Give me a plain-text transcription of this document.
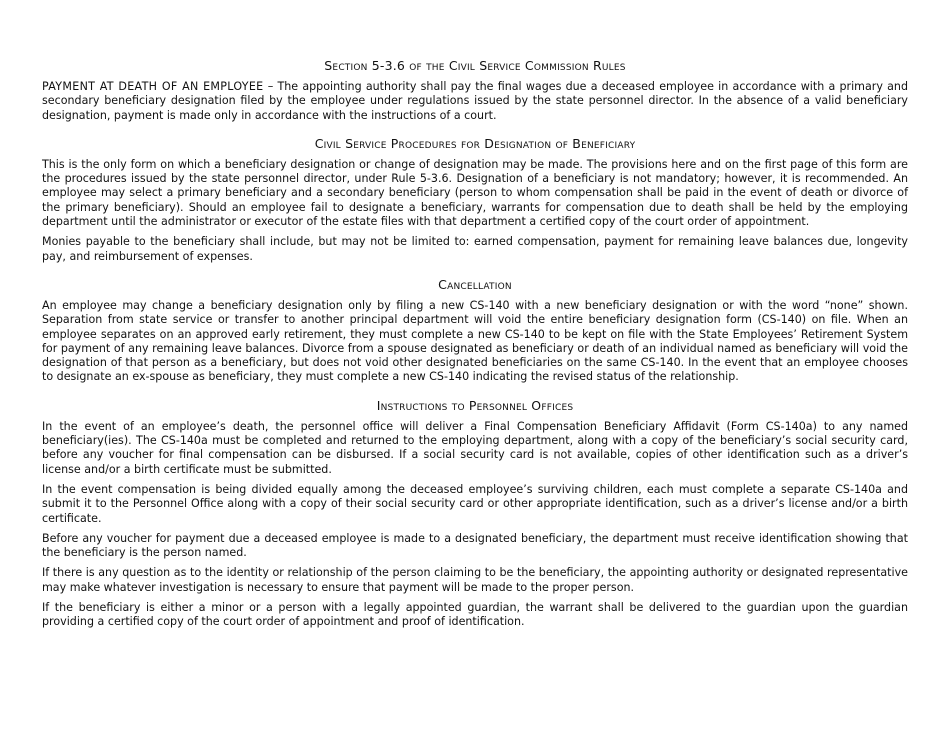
Section 5-3.6 of the Civil Service Commission Rules

PAYMENT AT DEATH OF AN EMPLOYEE – The appointing authority shall pay the final wages due a deceased employee in accordance with a primary and secondary beneficiary designation filed by the employee under regulations issued by the state personnel director. In the absence of a valid beneficiary designation, payment is made only in accordance with the instructions of a court.

Civil Service Procedures for Designation of Beneficiary

This is the only form on which a beneficiary designation or change of designation may be made. The provisions here and on the first page of this form are the procedures issued by the state personnel director, under Rule 5-3.6. Designation of a beneficiary is not mandatory; however, it is recommended. An employee may select a primary beneficiary and a secondary beneficiary (person to whom compensation shall be paid in the event of death or divorce of the primary beneficiary). Should an employee fail to designate a beneficiary, warrants for compensation due to death shall be held by the employing department until the administrator or executor of the estate files with that department a certified copy of the court order of appointment.

Monies payable to the beneficiary shall include, but may not be limited to: earned compensation, payment for remaining leave balances due, longevity pay, and reimbursement of expenses.

Cancellation

An employee may change a beneficiary designation only by filing a new CS-140 with a new beneficiary designation or with the word “none” shown. Separation from state service or transfer to another principal department will void the entire beneficiary designation form (CS-140) on file. When an employee separates on an approved early retirement, they must complete a new CS-140 to be kept on file with the State Employees’ Retirement System for payment of any remaining leave balances. Divorce from a spouse designated as beneficiary or death of an individual named as beneficiary will void the designation of that person as a beneficiary, but does not void other designated beneficiaries on the same CS-140. In the event that an employee chooses to designate an ex-spouse as beneficiary, they must complete a new CS-140 indicating the revised status of the relationship.

Instructions to Personnel Offices

In the event of an employee’s death, the personnel office will deliver a Final Compensation Beneficiary Affidavit (Form CS-140a) to any named beneficiary(ies). The CS-140a must be completed and returned to the employing department, along with a copy of the beneficiary’s social security card, before any voucher for final compensation can be disbursed. If a social security card is not available, copies of other identification such as a driver’s license and/or a birth certificate must be submitted.

In the event compensation is being divided equally among the deceased employee’s surviving children, each must complete a separate CS-140a and submit it to the Personnel Office along with a copy of their social security card or other appropriate identification, such as a driver’s license and/or a birth certificate.

Before any voucher for payment due a deceased employee is made to a designated beneficiary, the department must receive identification showing that the beneficiary is the person named.

If there is any question as to the identity or relationship of the person claiming to be the beneficiary, the appointing authority or designated representative may make whatever investigation is necessary to ensure that payment will be made to the proper person.

If the beneficiary is either a minor or a person with a legally appointed guardian, the warrant shall be delivered to the guardian upon the guardian providing a certified copy of the court order of appointment and proof of identification.
